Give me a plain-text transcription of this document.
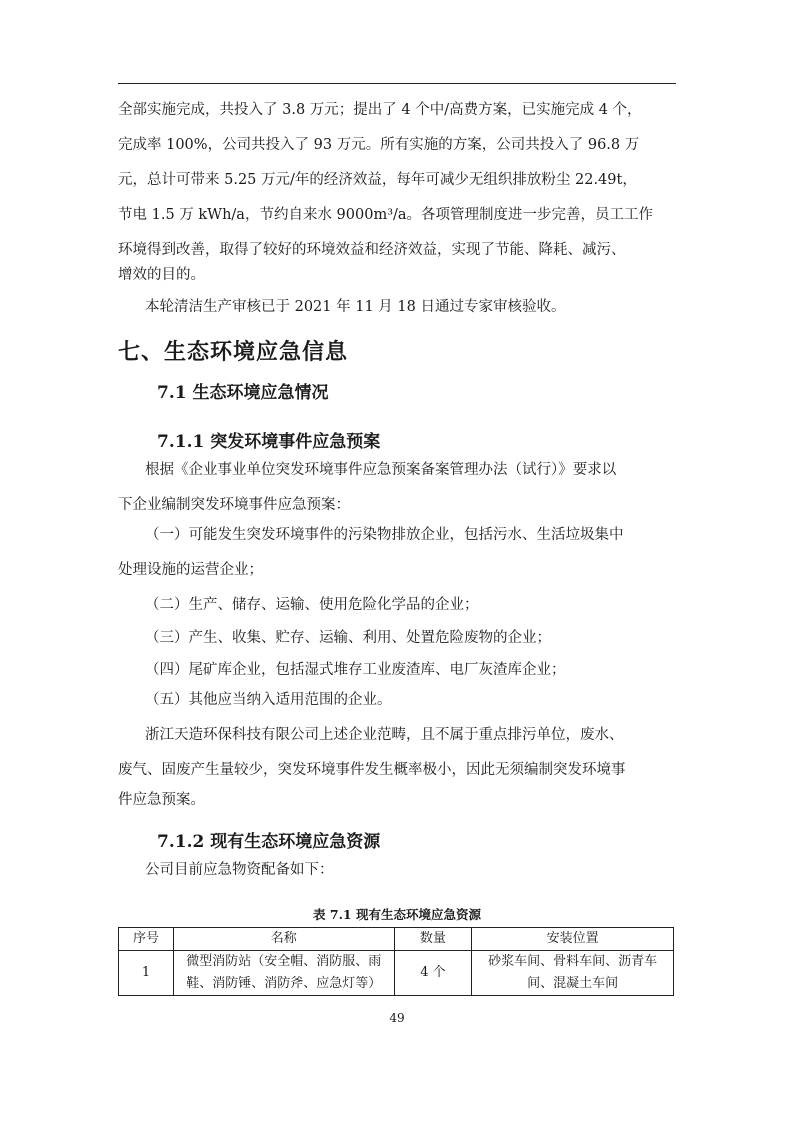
全部实施完成，共投入了 3.8 万元；提出了 4 个中/高费方案，已实施完成 4 个，
完成率 100%，公司共投入了 93 万元。所有实施的方案，公司共投入了 96.8 万
元，总计可带来 5.25 万元/年的经济效益，每年可减少无组织排放粉尘 22.49t，
节电 1.5 万 kWh/a，节约自来水 9000m³/a。各项管理制度进一步完善，员工工作
环境得到改善，取得了较好的环境效益和经济效益，实现了节能、降耗、减污、
增效的目的。
本轮清洁生产审核已于 2021 年 11 月 18 日通过专家审核验收。
七、生态环境应急信息
7.1 生态环境应急情况
7.1.1 突发环境事件应急预案
根据《企业事业单位突发环境事件应急预案备案管理办法（试行）》要求以
下企业编制突发环境事件应急预案：
（一）可能发生突发环境事件的污染物排放企业，包括污水、生活垃圾集中
处理设施的运营企业；
（二）生产、储存、运输、使用危险化学品的企业；
（三）产生、收集、贮存、运输、利用、处置危险废物的企业；
（四）尾矿库企业，包括湿式堆存工业废渣库、电厂灰渣库企业；
（五）其他应当纳入适用范围的企业。
浙江天造环保科技有限公司上述企业范畴，且不属于重点排污单位，废水、
废气、固废产生量较少，突发环境事件发生概率极小，因此无须编制突发环境事
件应急预案。
7.1.2 现有生态环境应急资源
公司目前应急物资配备如下：
表 7.1 现有生态环境应急资源
序号	名称	数量	安装位置
1	微型消防站（安全帽、消防服、雨鞋、消防锤、消防斧、应急灯等）	4 个	砂浆车间、骨料车间、沥青车间、混凝土车间
49
